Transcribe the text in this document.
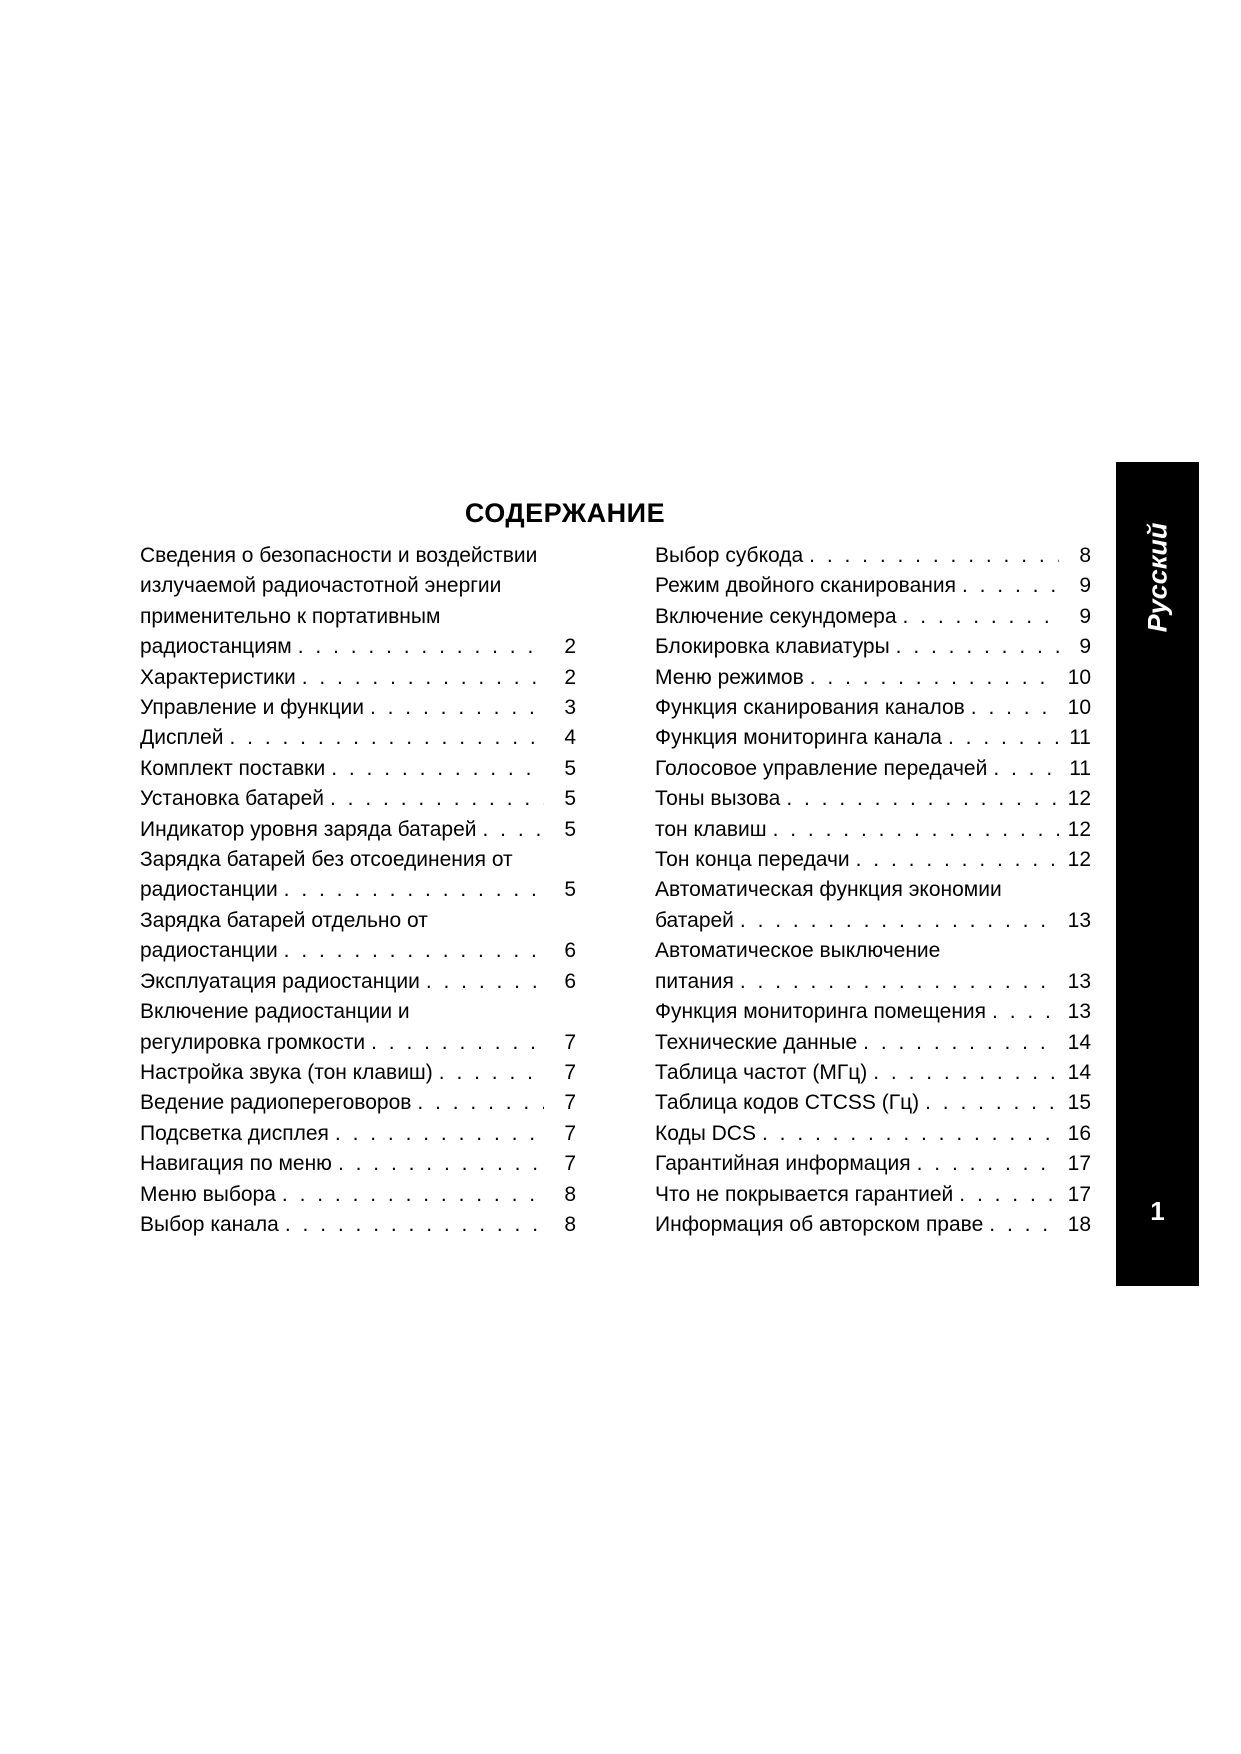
СОДЕРЖАНИЕ
Сведения о безопасности и воздействии
излучаемой радиочастотной энергии
применительно к портативным
радиостанциям . . .	2
Характеристики . . .	2
Управление и функции . . .	3
Дисплей . . .	4
Комплект поставки . . .	5
Установка батарей . . .	5
Индикатор уровня заряда батарей . . .	5
Зарядка батарей без отсоединения от
радиостанции . . .	5
Зарядка батарей отдельно от
радиостанции . . .	6
Эксплуатация радиостанции . . .	6
Включение радиостанции и
регулировка громкости . . .	7
Настройка звука (тон клавиш) . . .	7
Ведение радиопереговоров . . .	7
Подсветка дисплея . . .	7
Навигация по меню . . .	7
Меню выбора . . .	8
Выбор канала . . .	8
Выбор субкода . . .	8
Режим двойного сканирования . . .	9
Включение секундомера . . .	9
Блокировка клавиатуры . . .	9
Меню режимов . . .	10
Функция сканирования каналов . . .	10
Функция мониторинга канала . . .	11
Голосовое управление передачей . . .	11
Тоны вызова . . .	12
тон клавиш . . .	12
Тон конца передачи . . .	12
Автоматическая функция экономии
батарей . . .	13
Автоматическое выключение
питания . . .	13
Функция мониторинга помещения . . .	13
Технические данные . . .	14
Таблица частот (МГц) . . .	14
Таблица кодов CTCSS (Гц) . . .	15
Коды DCS . . .	16
Гарантийная информация . . .	17
Что не покрывается гарантией . . .	17
Информация об авторском праве . . .	18
Русский
1
